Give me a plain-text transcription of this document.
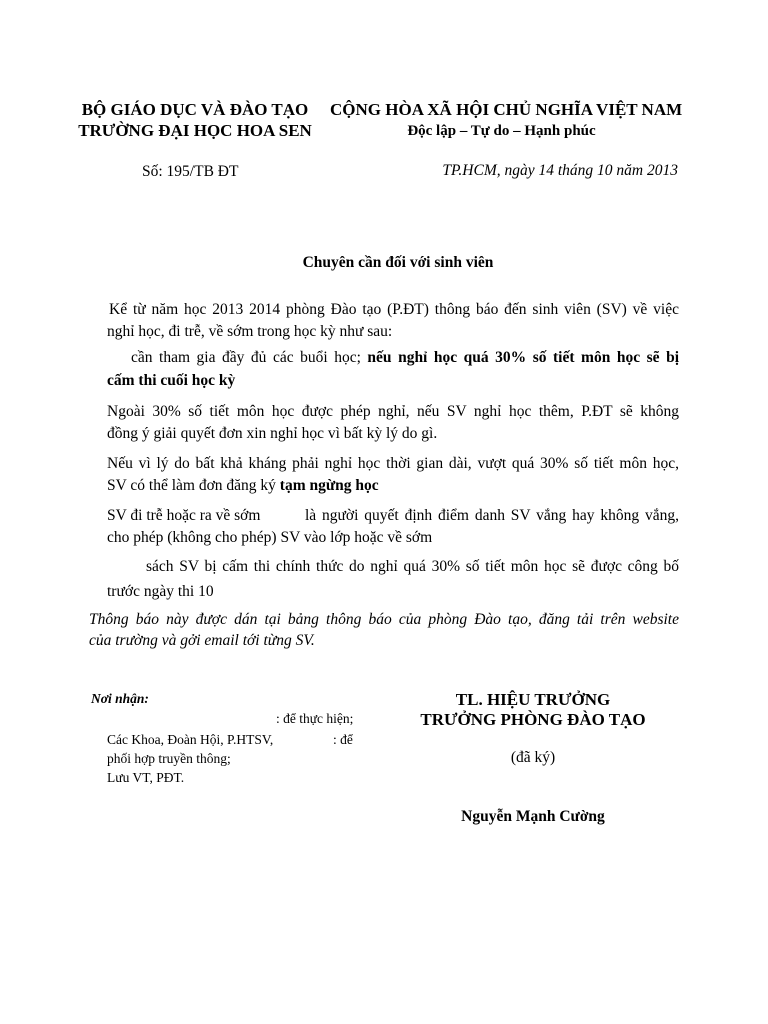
BỘ GIÁO DỤC VÀ ĐÀO TẠO
TRƯỜNG ĐẠI HỌC HOA SEN
CỘNG HÒA XÃ HỘI CHỦ NGHĨA VIỆT NAM
Độc lập – Tự do – Hạnh phúc
Số: 195/TB ĐT	TP.HCM, ngày 14 tháng 10 năm 2013
Chuyên cần đối với sinh viên
Kể từ năm học 2013 2014 phòng Đào tạo (P.ĐT) thông báo đến sinh viên (SV) về việc
nghỉ học, đi trễ, về sớm trong học kỳ như sau:
cần tham gia đầy đủ các buổi học; nếu nghỉ học quá 30% số tiết môn học sẽ bị
cấm thi cuối học kỳ
Ngoài 30% số tiết môn học được phép nghỉ, nếu SV nghỉ học thêm, P.ĐT sẽ không
đồng ý giải quyết đơn xin nghỉ học vì bất kỳ lý do gì.
Nếu vì lý do bất khả kháng phải nghỉ học thời gian dài, vượt quá 30% số tiết môn học,
SV có thể làm đơn đăng ký tạm ngừng học
SV đi trễ hoặc ra về sớm	là người quyết định điểm danh SV vắng hay không vắng,
cho phép (không cho phép) SV vào lớp hoặc về sớm
sách SV bị cấm thi chính thức do nghỉ quá 30% số tiết môn học sẽ được công bố
trước ngày thi 10
Thông báo này được dán tại bảng thông báo của phòng Đào tạo, đăng tải trên website
của trường và gởi email tới từng SV.
Nơi nhận:
: để thực hiện;
Các Khoa, Đoàn Hội, P.HTSV,	: để
phối hợp truyền thông;
Lưu VT, PĐT.
TL. HIỆU TRƯỞNG
TRƯỞNG PHÒNG ĐÀO TẠO
(đã ký)
Nguyễn Mạnh Cường
